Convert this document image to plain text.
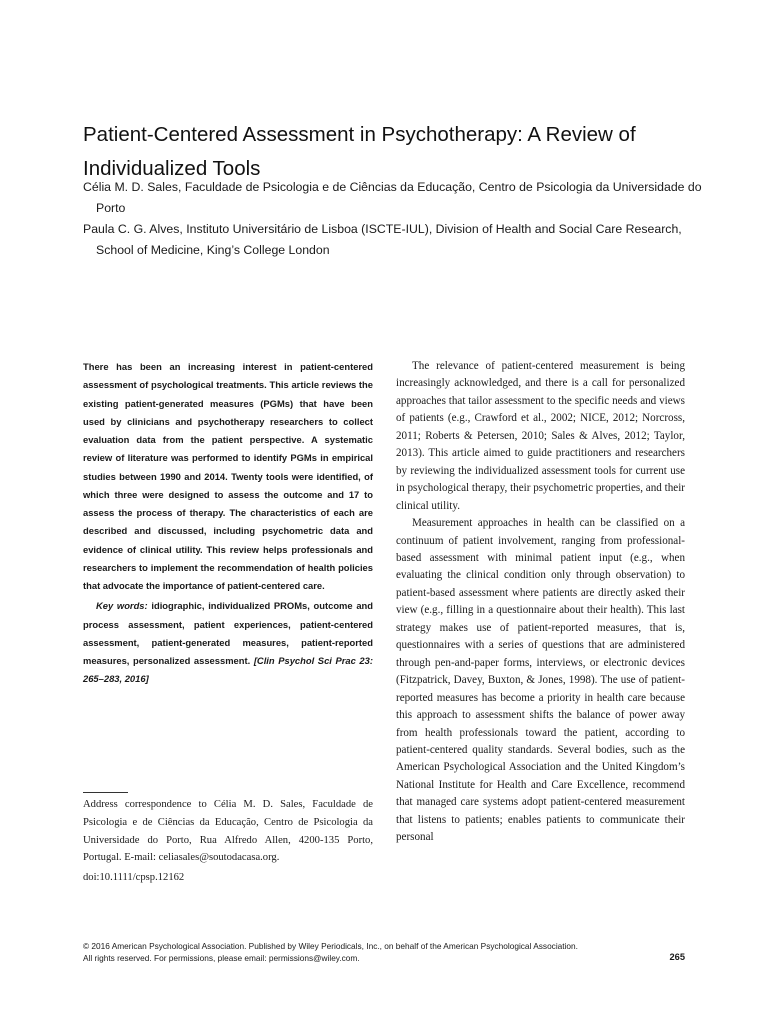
Patient-Centered Assessment in Psychotherapy: A Review of Individualized Tools

Célia M. D. Sales, Faculdade de Psicologia e de Ciências da Educação, Centro de Psicologia da Universidade do Porto

Paula C. G. Alves, Instituto Universitário de Lisboa (ISCTE-IUL), Division of Health and Social Care Research, School of Medicine, King’s College London

There has been an increasing interest in patient-centered assessment of psychological treatments. This article reviews the existing patient-generated measures (PGMs) that have been used by clinicians and psychotherapy researchers to collect evaluation data from the patient perspective. A systematic review of literature was performed to identify PGMs in empirical studies between 1990 and 2014. Twenty tools were identified, of which three were designed to assess the outcome and 17 to assess the process of therapy. The characteristics of each are described and discussed, including psychometric data and evidence of clinical utility. This review helps professionals and researchers to implement the recommendation of health policies that advocate the importance of patient-centered care.

Key words: idiographic, individualized PROMs, outcome and process assessment, patient experiences, patient-centered assessment, patient-generated measures, patient-reported measures, personalized assessment. [Clin Psychol Sci Prac 23: 265–283, 2016]

Address correspondence to Célia M. D. Sales, Faculdade de Psicologia e de Ciências da Educação, Centro de Psicologia da Universidade do Porto, Rua Alfredo Allen, 4200-135 Porto, Portugal. E-mail: celiasales@soutodacasa.org.

doi:10.1111/cpsp.12162

The relevance of patient-centered measurement is being increasingly acknowledged, and there is a call for personalized approaches that tailor assessment to the specific needs and views of patients (e.g., Crawford et al., 2002; NICE, 2012; Norcross, 2011; Roberts & Petersen, 2010; Sales & Alves, 2012; Taylor, 2013). This article aimed to guide practitioners and researchers by reviewing the individualized assessment tools for current use in psychological therapy, their psychometric properties, and their clinical utility.

Measurement approaches in health can be classified on a continuum of patient involvement, ranging from professional-based assessment with minimal patient input (e.g., when evaluating the clinical condition only through observation) to patient-based assessment where patients are directly asked their view (e.g., filling in a questionnaire about their health). This last strategy makes use of patient-reported measures, that is, questionnaires with a series of questions that are administered through pen-and-paper forms, interviews, or electronic devices (Fitzpatrick, Davey, Buxton, & Jones, 1998). The use of patient-reported measures has become a priority in health care because this approach to assessment shifts the balance of power away from health professionals toward the patient, according to patient-centered quality standards. Several bodies, such as the American Psychological Association and the United Kingdom’s National Institute for Health and Care Excellence, recommend that managed care systems adopt patient-centered measurement that listens to patients; enables patients to communicate their personal

© 2016 American Psychological Association. Published by Wiley Periodicals, Inc., on behalf of the American Psychological Association.
All rights reserved. For permissions, please email: permissions@wiley.com.	265
